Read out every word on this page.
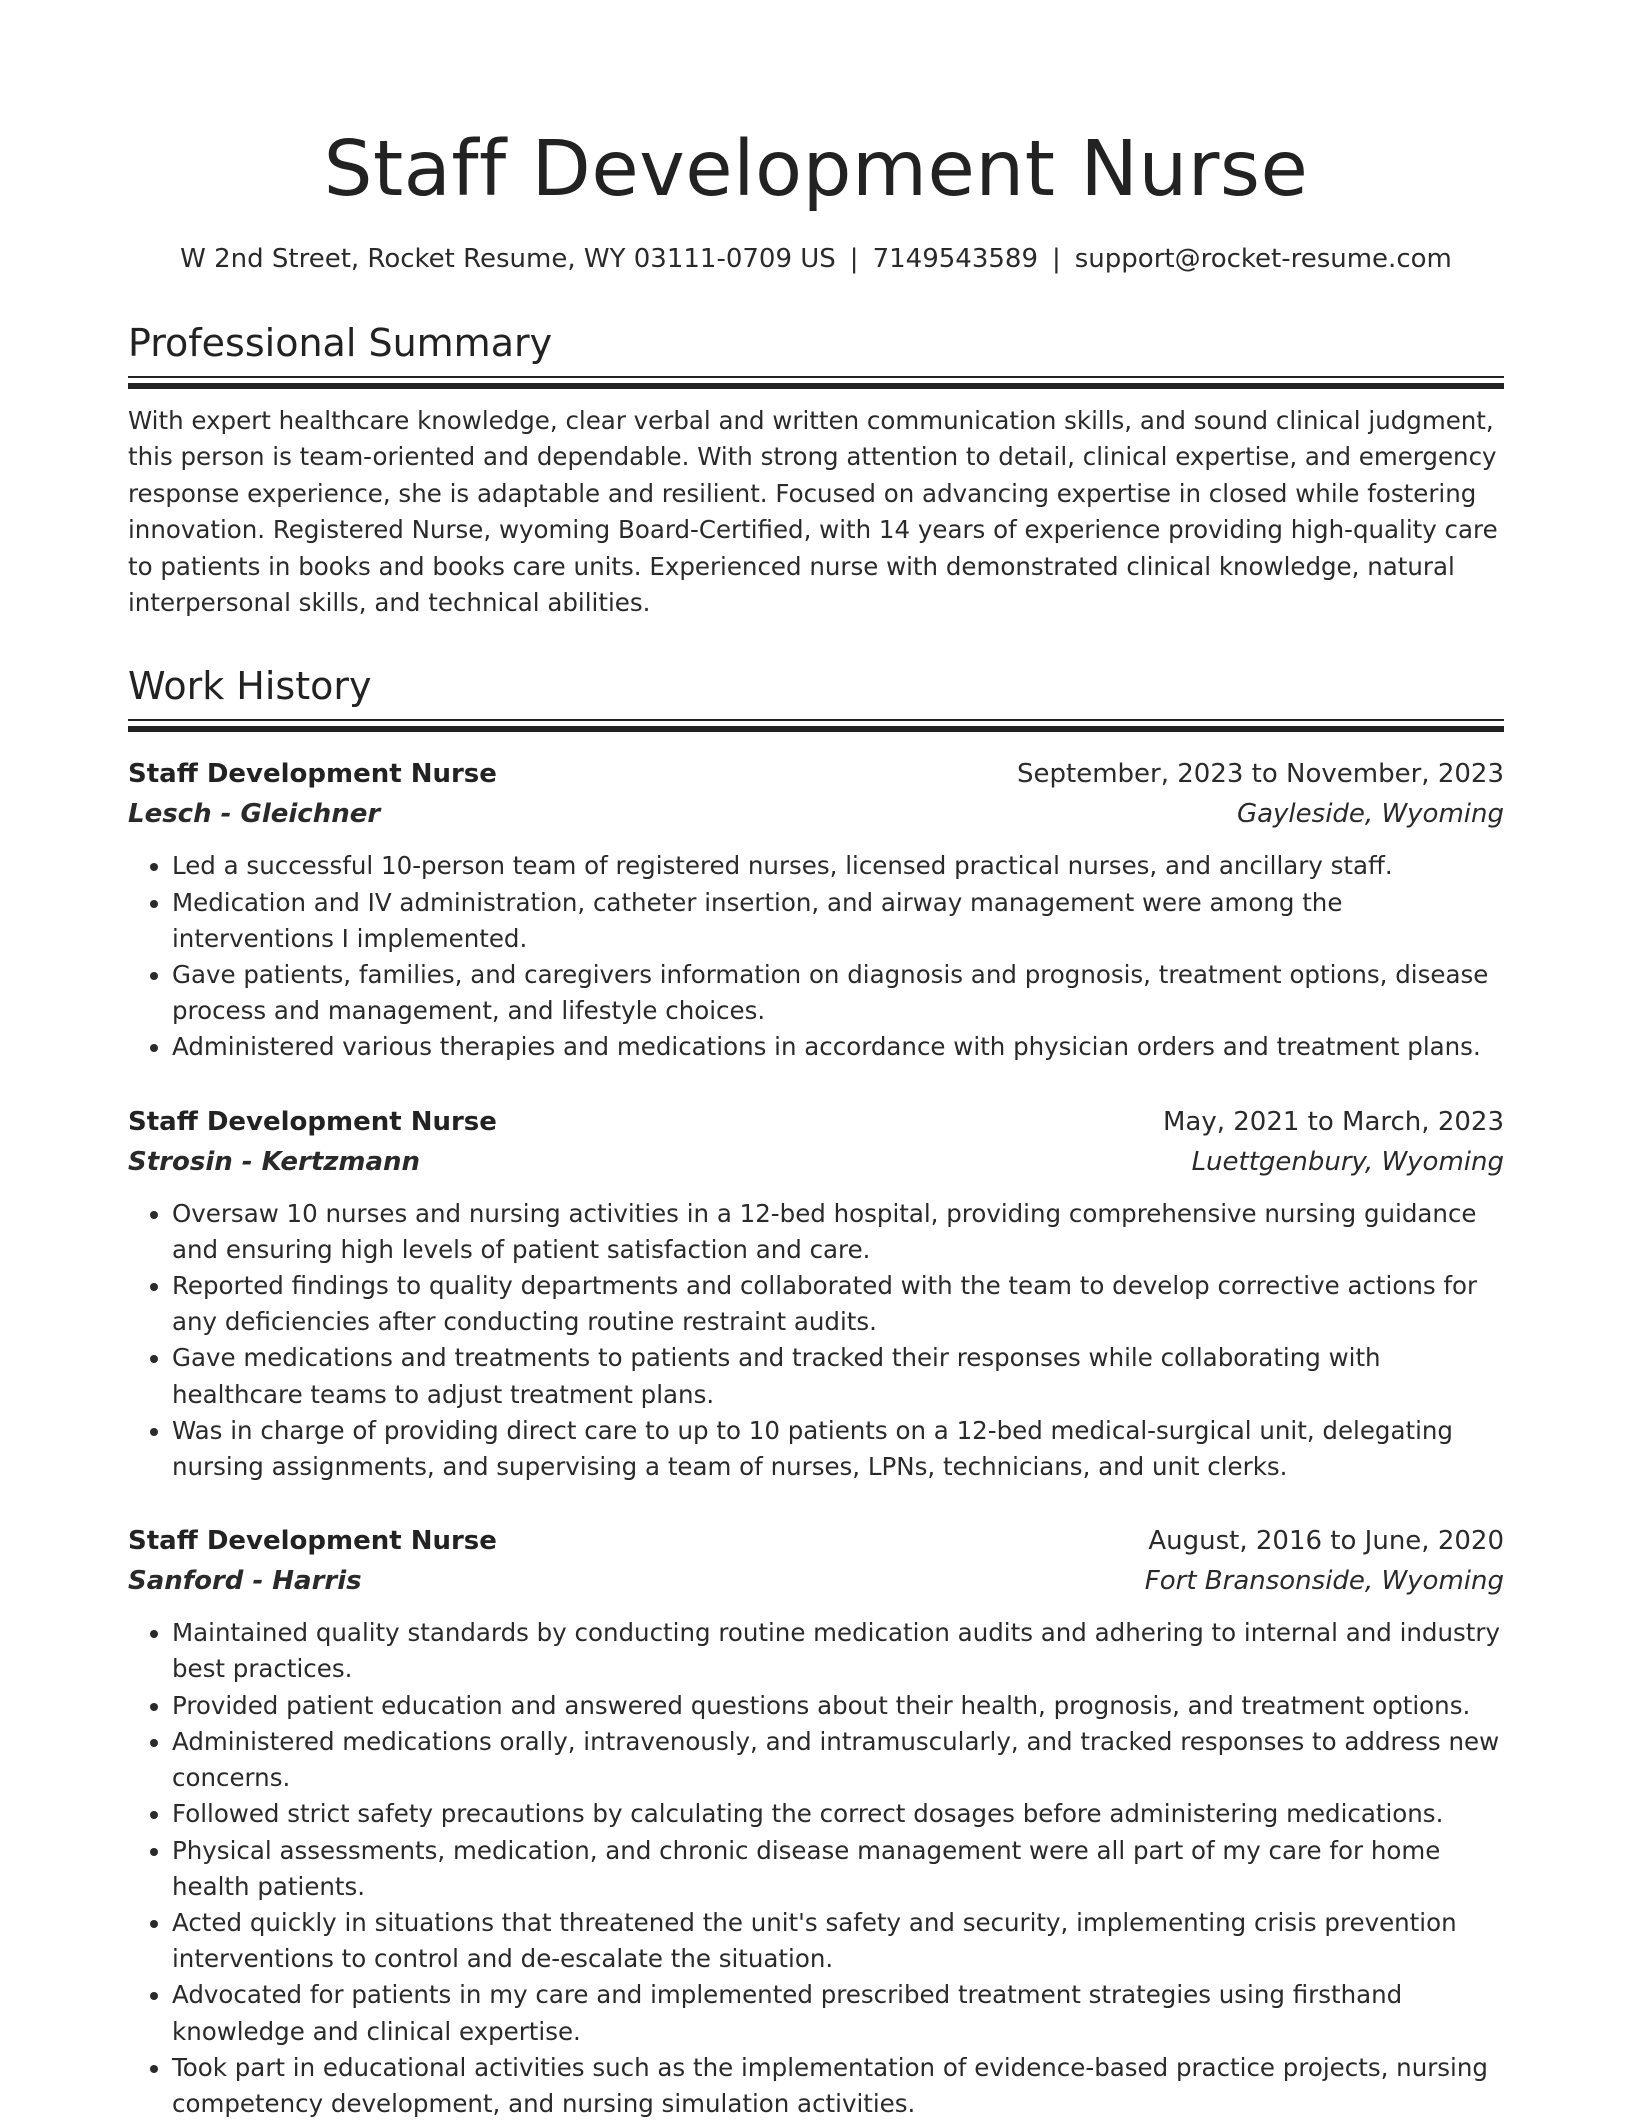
Staff Development Nurse
W 2nd Street, Rocket Resume, WY 03111-0709 US | 7149543589 | support@rocket-resume.com
Professional Summary

With expert healthcare knowledge, clear verbal and written communication skills, and sound clinical judgment, this person is team-oriented and dependable. With strong attention to detail, clinical expertise, and emergency response experience, she is adaptable and resilient. Focused on advancing expertise in closed while fostering innovation. Registered Nurse, wyoming Board-Certified, with 14 years of experience providing high-quality care to patients in books and books care units. Experienced nurse with demonstrated clinical knowledge, natural interpersonal skills, and technical abilities.

Work History
Staff Development Nurse	September, 2023 to November, 2023
Lesch - Gleichner	Gayleside, Wyoming
• Led a successful 10-person team of registered nurses, licensed practical nurses, and ancillary staff.
• Medication and IV administration, catheter insertion, and airway management were among the interventions I implemented.
• Gave patients, families, and caregivers information on diagnosis and prognosis, treatment options, disease process and management, and lifestyle choices.
• Administered various therapies and medications in accordance with physician orders and treatment plans.
Staff Development Nurse	May, 2021 to March, 2023
Strosin - Kertzmann	Luettgenbury, Wyoming
• Oversaw 10 nurses and nursing activities in a 12-bed hospital, providing comprehensive nursing guidance and ensuring high levels of patient satisfaction and care.
• Reported findings to quality departments and collaborated with the team to develop corrective actions for any deficiencies after conducting routine restraint audits.
• Gave medications and treatments to patients and tracked their responses while collaborating with healthcare teams to adjust treatment plans.
• Was in charge of providing direct care to up to 10 patients on a 12-bed medical-surgical unit, delegating nursing assignments, and supervising a team of nurses, LPNs, technicians, and unit clerks.
Staff Development Nurse	August, 2016 to June, 2020
Sanford - Harris	Fort Bransonside, Wyoming
• Maintained quality standards by conducting routine medication audits and adhering to internal and industry best practices.
• Provided patient education and answered questions about their health, prognosis, and treatment options.
• Administered medications orally, intravenously, and intramuscularly, and tracked responses to address new concerns.
• Followed strict safety precautions by calculating the correct dosages before administering medications.
• Physical assessments, medication, and chronic disease management were all part of my care for home health patients.
• Acted quickly in situations that threatened the unit's safety and security, implementing crisis prevention interventions to control and de-escalate the situation.
• Advocated for patients in my care and implemented prescribed treatment strategies using firsthand knowledge and clinical expertise.
• Took part in educational activities such as the implementation of evidence-based practice projects, nursing competency development, and nursing simulation activities.
